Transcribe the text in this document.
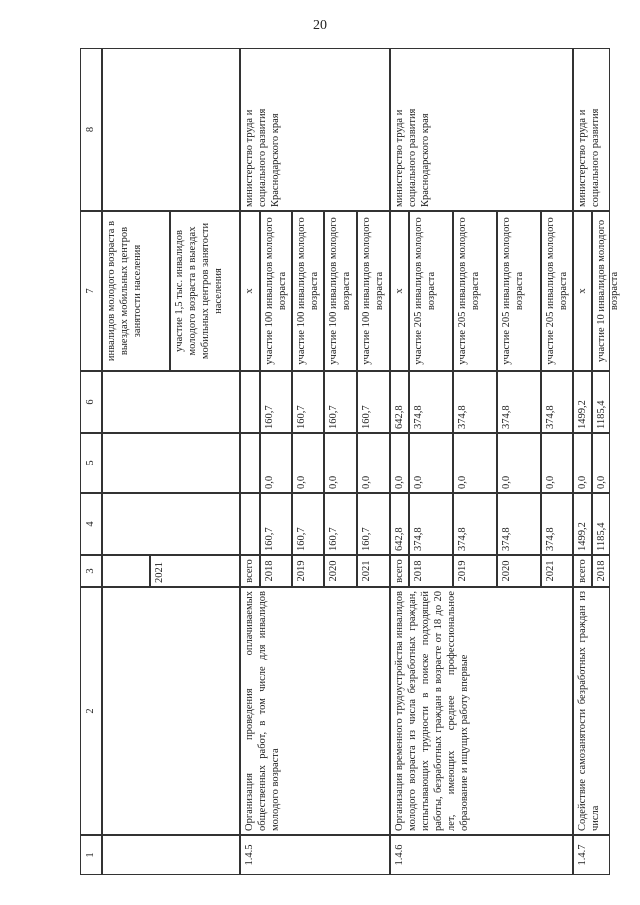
20
1
2
3
4
5
6
7
8
2021
инвалидов молодого возраста в выездах мобильных центров занятости населения	участие 1,5 тыс. инвалидов молодого возраста в выездах мобильных центров занятости населения
1.4.5
Организация проведения оплачиваемых общественных работ, в том числе для инвалидов молодого возраста
министерство труда и социального развития Краснодарского края
всего
х
2018
160,7
0,0
160,7
участие 100 инвалидов молодого возраста
2019
160,7
0,0
160,7
участие 100 инвалидов молодого возраста
2020
160,7
0,0
160,7
участие 100 инвалидов молодого возраста
2021
160,7
0,0
160,7
участие 100 инвалидов молодого возраста
1.4.6
Организация временного трудоустройства инвалидов молодого возраста из числа безработных граждан, испытывающих трудности в поиске подходящей работы, безработных граждан в возрасте от 18 до 20 лет, имеющих среднее профессиональное образование и ищущих работу впервые
министерство труда и социального развития Краснодарского края
всего
642,8
0,0
642,8
х
2018
374,8
0,0
374,8
участие 205 инвалидов молодого возраста
2019
374,8
0,0
374,8
участие 205 инвалидов молодого возраста
2020
374,8
0,0
374,8
участие 205 инвалидов молодого возраста
2021
374,8
0,0
374,8
участие 205 инвалидов молодого возраста
1.4.7
Содействие самозанятости безработных граждан из числа
министерство труда и социального развития
всего
1499,2
0,0
1499,2
х
2018
1185,4
0,0
1185,4
участие 10 инвалидов молодого возраста
